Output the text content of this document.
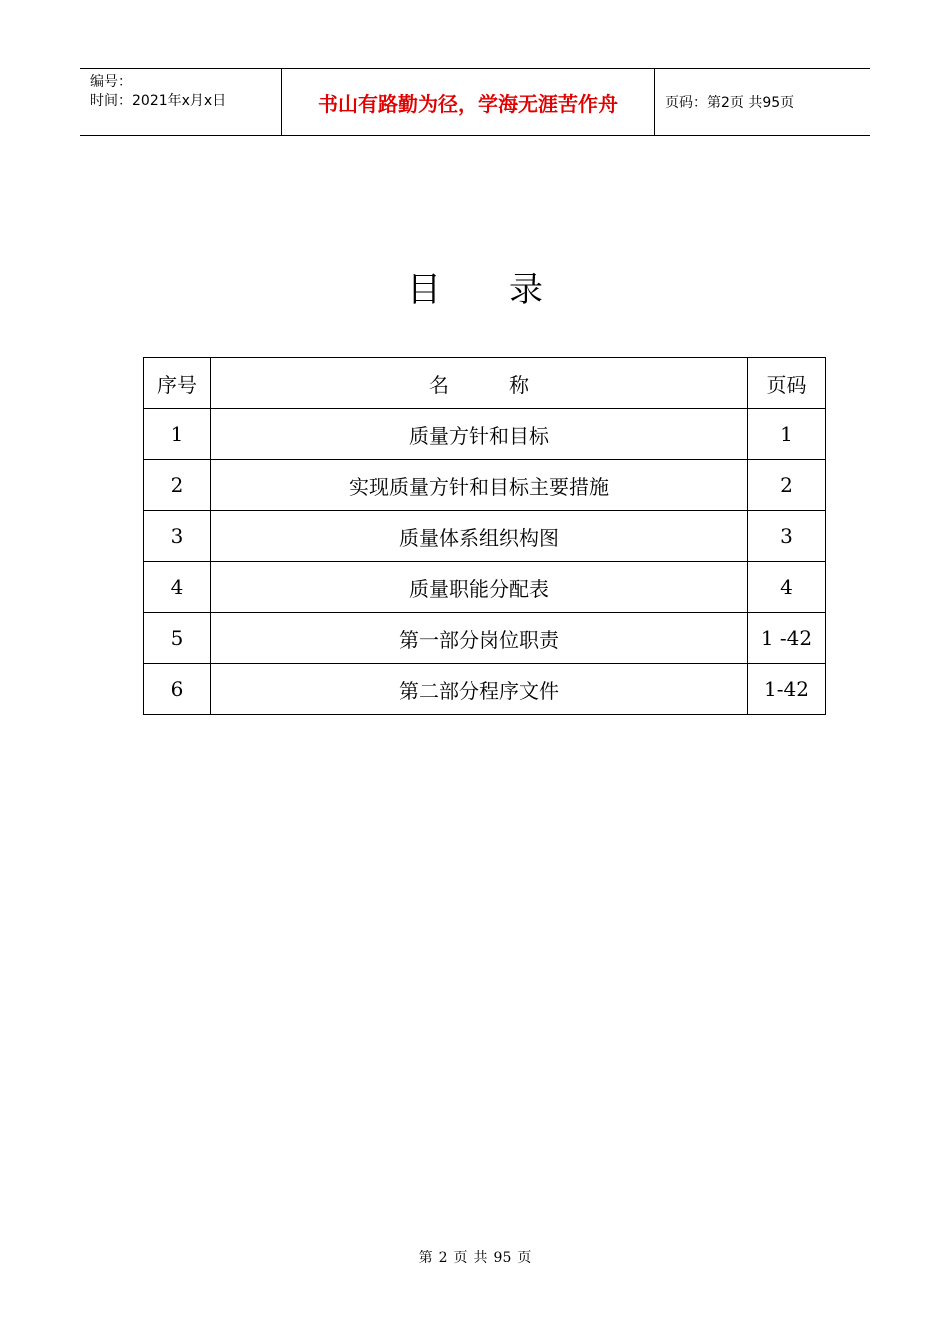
编号：
时间：2021年x月x日	书山有路勤为径，学海无涯苦作舟	页码：第2页 共95页
目 录
序号	名 称	页码
1	质量方针和目标	1
2	实现质量方针和目标主要措施	2
3	质量体系组织构图	3
4	质量职能分配表	4
5	第一部分岗位职责	1 -42
6	第二部分程序文件	1-42
第 2 页 共 95 页
